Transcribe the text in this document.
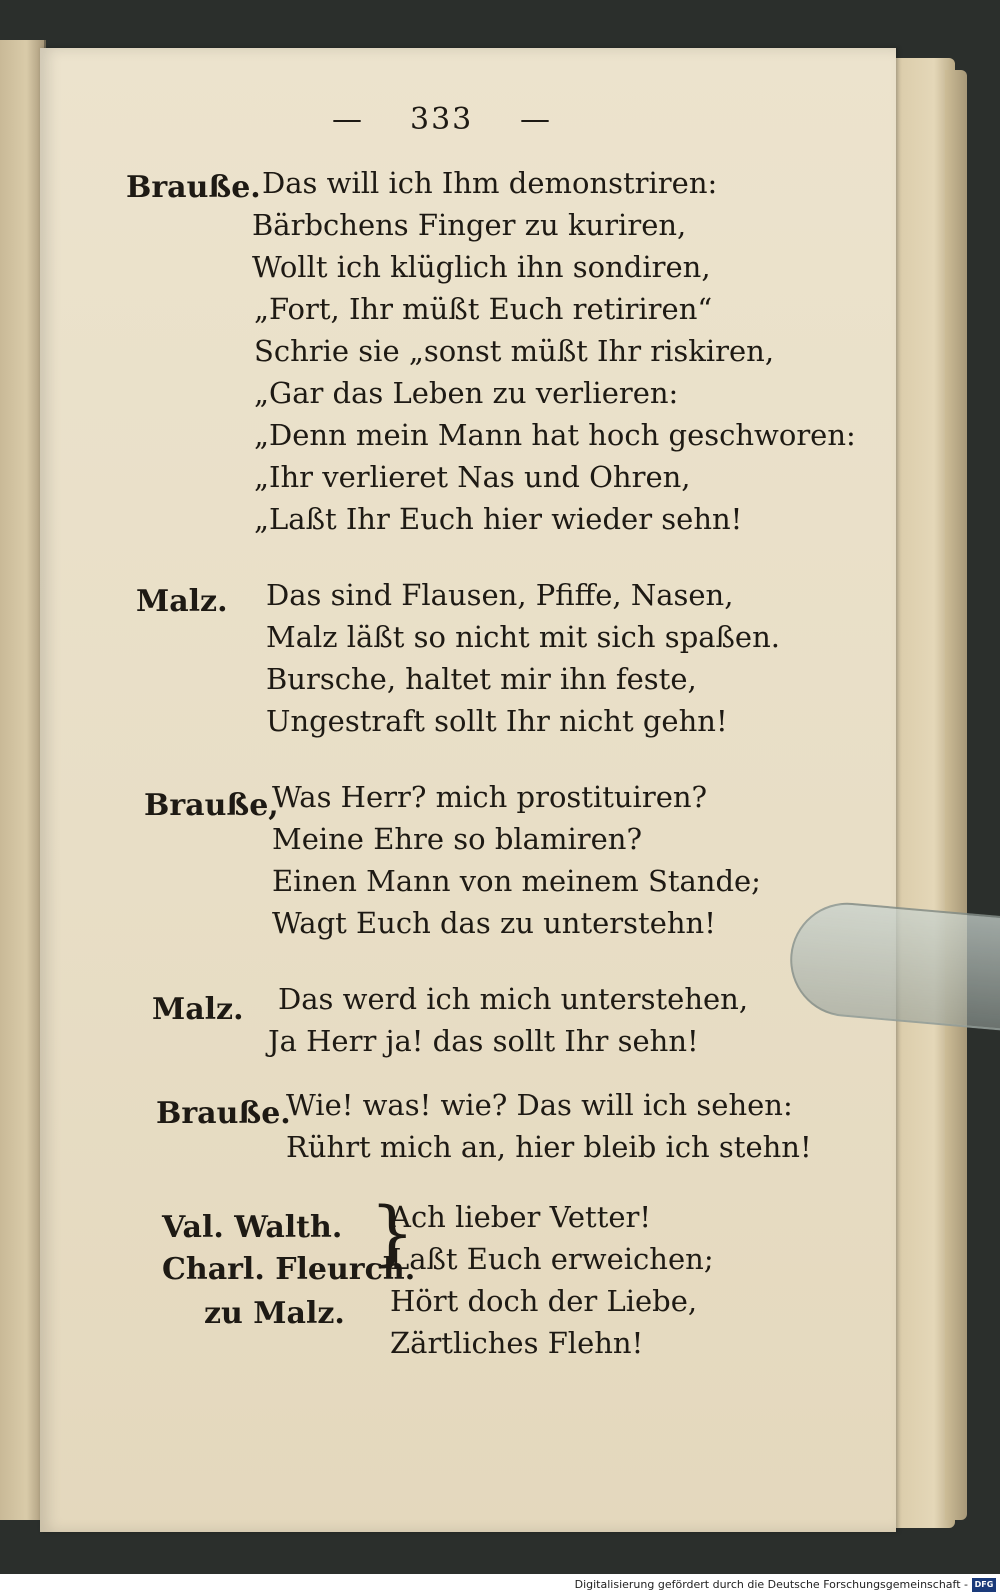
— 333 —
Braußе. Das will ich Ihm demonstriren:
Bärbchens Finger zu kuriren,
Wollt ich klüglich ihn sondiren,
„Fort, Ihr müßt Euch retiriren“
Schrie sie „sonst müßt Ihr riskiren,
„Gar das Leben zu verlieren:
„Denn mein Mann hat hoch geschworen:
„Ihr verlieret Nas und Ohren,
„Laßt Ihr Euch hier wieder sehn!
Malz. Das sind Flausen, Pfiffe, Nasen,
Malz läßt so nicht mit sich spaßen.
Bursche, haltet mir ihn feste,
Ungestraft sollt Ihr nicht gehn!
Brauße,
Was Herr? mich prostituiren?
Meine Ehre so blamiren?
Einen Mann von meinem Stande;
Wagt Euch das zu unterstehn!
Malz. Das werd ich mich unterstehen,
Ja Herr ja! das sollt Ihr sehn!
Brauße.
Wie! was! wie? Das will ich sehen:
Rührt mich an, hier bleib ich stehn!
Val. Walth.
Charl. Fleurch.
zu Malz.
}
Ach lieber Vetter!
Laßt Euch erweichen;
Hört doch der Liebe,
Zärtliches Flehn!
Digitalisierung gefördert durch die Deutsche Forschungsgemeinschaft - DFG
